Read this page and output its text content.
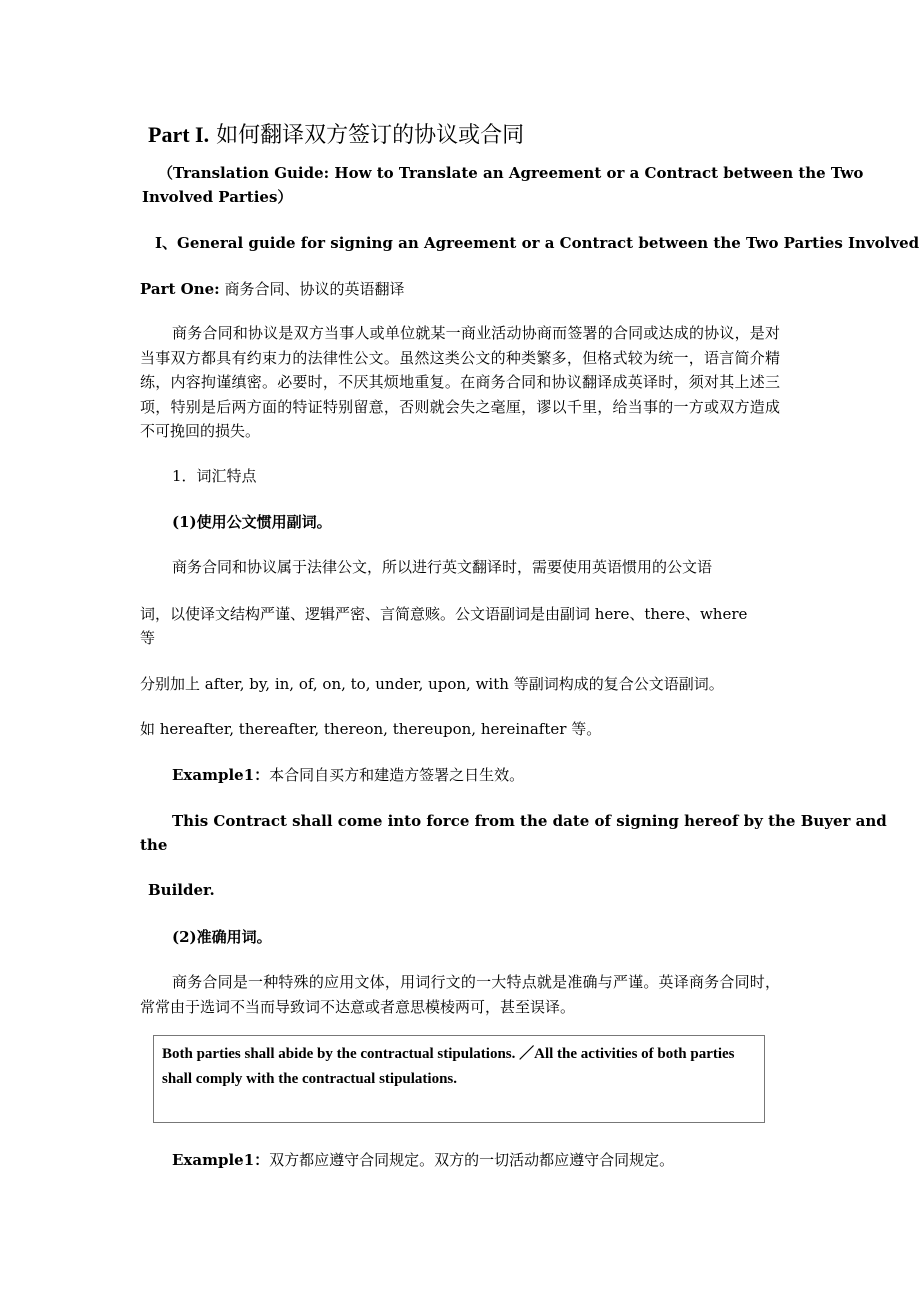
Part I. 如何翻译双方签订的协议或合同

（Translation Guide: How to Translate an Agreement or a Contract between the Two

Involved Parties）

I、General guide for signing an Agreement or a Contract between the Two Parties Involved

Part One: 商务合同、协议的英语翻译

商务合同和协议是双方当事人或单位就某一商业活动协商而签署的合同或达成的协议，是对当事双方都具有约束力的法律性公文。虽然这类公文的种类繁多，但格式较为统一，语言简介精练，内容拘谨缜密。必要时，不厌其烦地重复。在商务合同和协议翻译成英译时，须对其上述三项，特别是后两方面的特证特别留意，否则就会失之毫厘，谬以千里，给当事的一方或双方造成不可挽回的损失。

1．词汇特点

(1)使用公文惯用副词。

商务合同和协议属于法律公文，所以进行英文翻译时，需要使用英语惯用的公文语

词，以使译文结构严谨、逻辑严密、言简意赅。公文语副词是由副词 here、there、where

等

分别加上 after, by, in, of, on, to, under, upon, with 等副词构成的复合公文语副词。

如 hereafter, thereafter, thereon, thereupon, hereinafter 等。

Example1：本合同自买方和建造方签署之日生效。

This Contract shall come into force from the date of signing hereof by the Buyer and

the

Builder.

(2)准确用词。

商务合同是一种特殊的应用文体，用词行文的一大特点就是准确与严谨。英译商务合同时，常常由于选词不当而导致词不达意或者意思模棱两可，甚至误译。

Both parties shall abide by the contractual stipulations. ／All the activities of both parties shall comply with the contractual stipulations.

Example1：双方都应遵守合同规定。双方的一切活动都应遵守合同规定。
